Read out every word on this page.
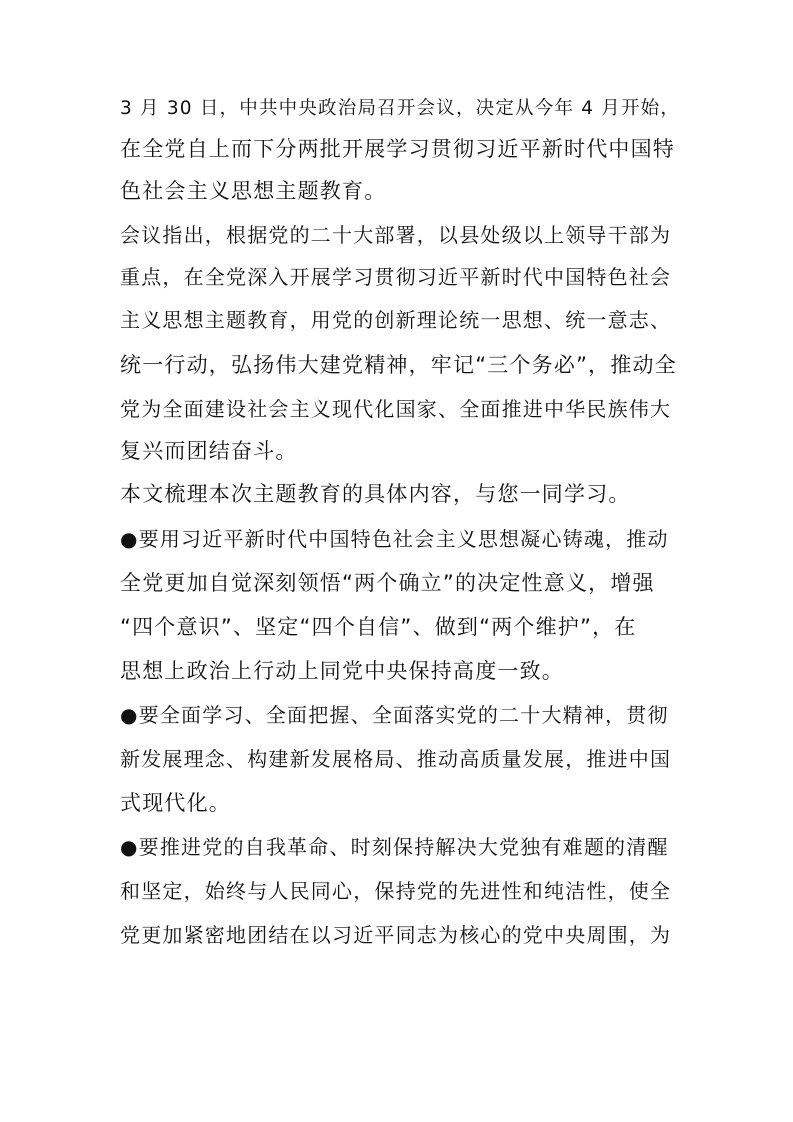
3 月 30 日，中共中央政治局召开会议，决定从今年 4 月开始，
在全党自上而下分两批开展学习贯彻习近平新时代中国特
色社会主义思想主题教育。
会议指出，根据党的二十大部署，以县处级以上领导干部为
重点，在全党深入开展学习贯彻习近平新时代中国特色社会
主义思想主题教育，用党的创新理论统一思想、统一意志、
统一行动，弘扬伟大建党精神，牢记“三个务必”，推动全
党为全面建设社会主义现代化国家、全面推进中华民族伟大
复兴而团结奋斗。
本文梳理本次主题教育的具体内容，与您一同学习。
●要用习近平新时代中国特色社会主义思想凝心铸魂，推动
全党更加自觉深刻领悟“两个确立”的决定性意义，增强
“四个意识”、坚定“四个自信”、做到“两个维护”，在
思想上政治上行动上同党中央保持高度一致。
●要全面学习、全面把握、全面落实党的二十大精神，贯彻
新发展理念、构建新发展格局、推动高质量发展，推进中国
式现代化。
●要推进党的自我革命、时刻保持解决大党独有难题的清醒
和坚定，始终与人民同心，保持党的先进性和纯洁性，使全
党更加紧密地团结在以习近平同志为核心的党中央周围，为
